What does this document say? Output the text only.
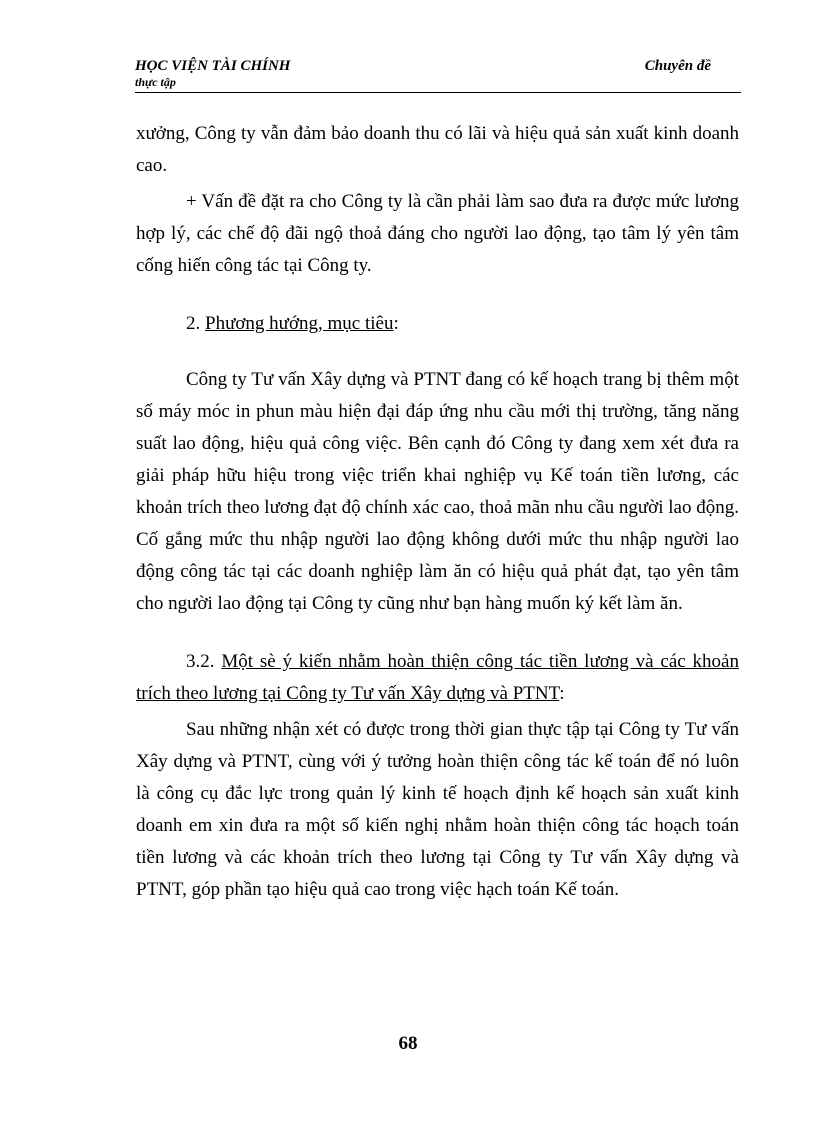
HỌC VIỆN TÀI CHÍNH
thực tập
Chuyên đề

xưởng, Công ty vẫn đảm bảo doanh thu có lãi và hiệu quả sản xuất kinh doanh cao.

+ Vấn đề đặt ra cho Công ty là cần phải làm sao đưa ra được mức lương hợp lý, các chế độ đãi ngộ thoả đáng cho người lao động, tạo tâm lý yên tâm cống hiến công tác tại Công ty.

2. Phương hướng, mục tiêu:

Công ty Tư vấn Xây dựng và PTNT đang có kế hoạch trang bị thêm một số máy móc in phun màu hiện đại đáp ứng nhu cầu mới thị trường, tăng năng suất lao động, hiệu quả công việc. Bên cạnh đó Công ty đang xem xét đưa ra giải pháp hữu hiệu trong việc triển khai nghiệp vụ Kế toán tiền lương, các khoản trích theo lương đạt độ chính xác cao, thoả mãn nhu cầu người lao động. Cố gắng mức thu nhập người lao động không dưới mức thu nhập người lao động công tác tại các doanh nghiệp làm ăn có hiệu quả phát đạt, tạo yên tâm cho người lao động tại Công ty cũng như bạn hàng muốn ký kết làm ăn.

3.2. Một sè ý kiến nhằm hoàn thiện công tác tiền lương và các khoản trích theo lương tại Công ty Tư vấn Xây dựng và PTNT:

Sau những nhận xét có được trong thời gian thực tập tại Công ty Tư vấn Xây dựng và PTNT, cùng với ý tưởng hoàn thiện công tác kế toán để nó luôn là công cụ đắc lực trong quản lý kinh tế hoạch định kế hoạch sản xuất kinh doanh em xin đưa ra một số kiến nghị nhằm hoàn thiện công tác hoạch toán tiền lương và các khoản trích theo lương tại Công ty Tư vấn Xây dựng và PTNT, góp phần tạo hiệu quả cao trong việc hạch toán Kế toán.

68
